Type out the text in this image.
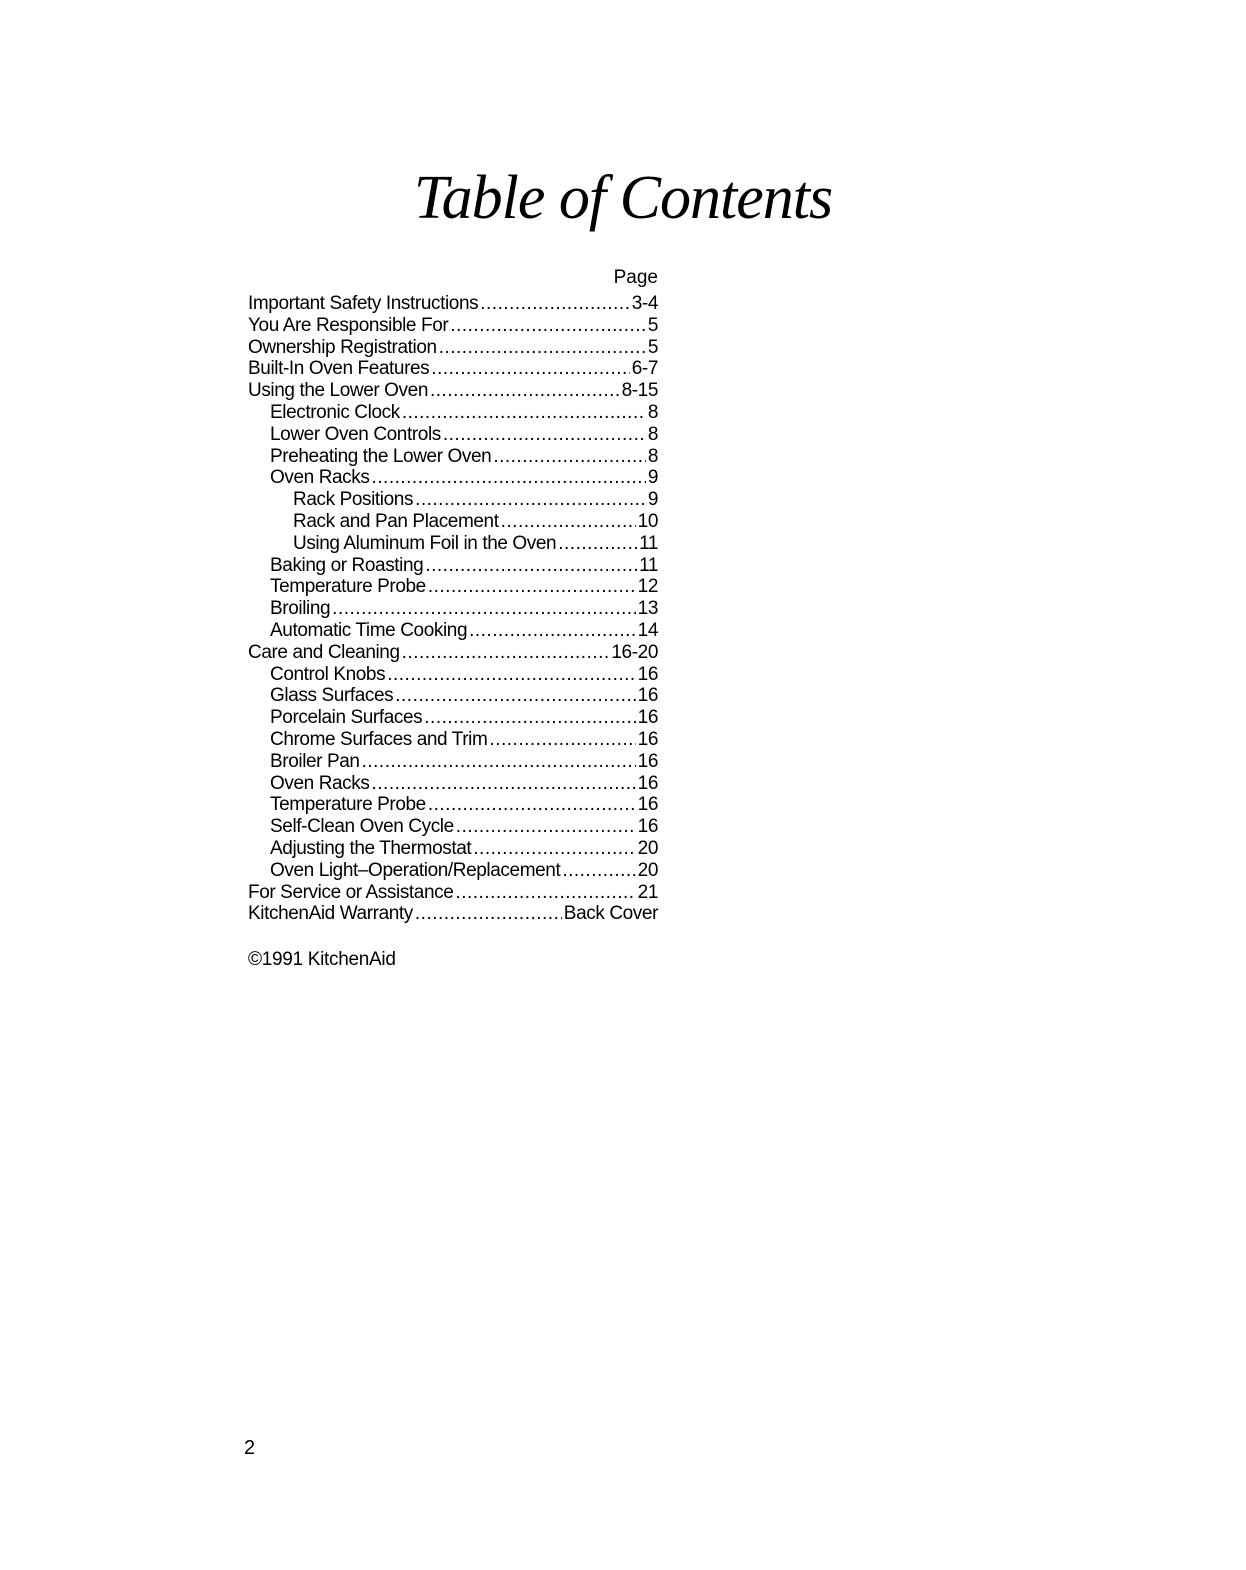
Table of Contents
Page
Important Safety Instructions .....	3-4
You Are Responsible For .....	5
Ownership Registration .....	5
Built-In Oven Features .....	6-7
Using the Lower Oven .....	8-15
Electronic Clock .....	8
Lower Oven Controls .....	8
Preheating the Lower Oven .....	8
Oven Racks .....	9
Rack Positions .....	9
Rack and Pan Placement .....	10
Using Aluminum Foil in the Oven .....	11
Baking or Roasting .....	11
Temperature Probe .....	12
Broiling .....	13
Automatic Time Cooking .....	14
Care and Cleaning .....	16-20
Control Knobs .....	16
Glass Surfaces .....	16
Porcelain Surfaces .....	16
Chrome Surfaces and Trim .....	16
Broiler Pan .....	16
Oven Racks .....	16
Temperature Probe .....	16
Self-Clean Oven Cycle .....	16
Adjusting the Thermostat .....	20
Oven Light–Operation/Replacement .....	20
For Service or Assistance .....	21
KitchenAid Warranty .....	Back Cover
©1991 KitchenAid
2
